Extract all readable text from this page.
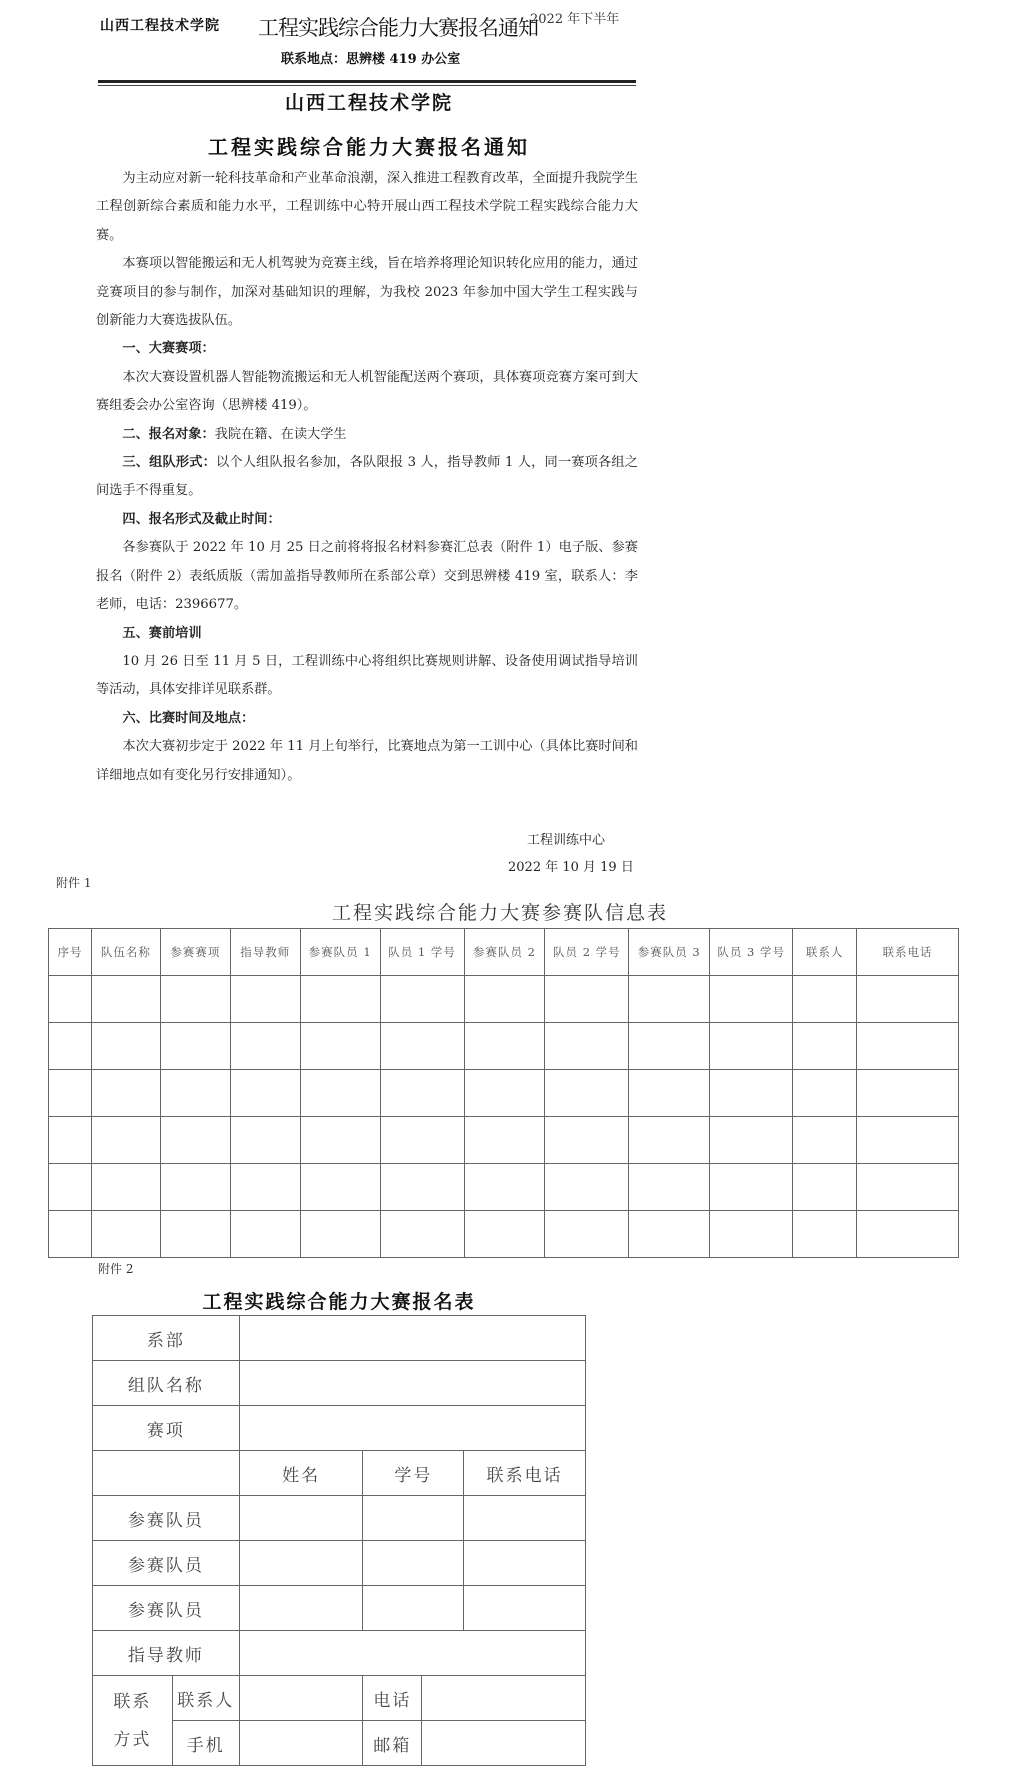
山西工程技术学院 工程实践综合能力大赛报名通知
2022 年下半年
联系地点：思辨楼 419 办公室
山西工程技术学院
工程实践综合能力大赛报名通知

为主动应对新一轮科技革命和产业革命浪潮，深入推进工程教育改革，全面提升我院学生工程创新综合素质和能力水平，工程训练中心特开展山西工程技术学院工程实践综合能力大赛。

本赛项以智能搬运和无人机驾驶为竞赛主线，旨在培养将理论知识转化应用的能力，通过竞赛项目的参与制作，加深对基础知识的理解，为我校 2023 年参加中国大学生工程实践与创新能力大赛选拔队伍。

一、大赛赛项：

本次大赛设置机器人智能物流搬运和无人机智能配送两个赛项，具体赛项竞赛方案可到大赛组委会办公室咨询（思辨楼 419）。

二、报名对象：我院在籍、在读大学生

三、组队形式：以个人组队报名参加，各队限报 3 人，指导教师 1 人，同一赛项各组之间选手不得重复。

四、报名形式及截止时间：

各参赛队于 2022 年 10 月 25 日之前将将报名材料参赛汇总表（附件 1）电子版、参赛报名（附件 2）表纸质版（需加盖指导教师所在系部公章）交到思辨楼 419 室，联系人：李老师，电话：2396677。

五、赛前培训

10 月 26 日至 11 月 5 日，工程训练中心将组织比赛规则讲解、设备使用调试指导培训等活动，具体安排详见联系群。

六、比赛时间及地点：

本次大赛初步定于 2022 年 11 月上旬举行，比赛地点为第一工训中心（具体比赛时间和详细地点如有变化另行安排通知）。

工程训练中心
2022 年 10 月 19 日
附件 1
工程实践综合能力大赛参赛队信息表
序号	队伍名称	参赛赛项	指导教师	参赛队员 1	队员 1 学号	参赛队员 2	队员 2 学号	参赛队员 3	队员 3 学号	联系人	联系电话

附件 2
工程实践综合能力大赛报名表
系部					
组队名称					
赛项					
		姓名	学号		联系电话
参赛队员					
参赛队员					
参赛队员					
指导教师					
联系
方式	联系人		电话		
	手机		邮箱		
